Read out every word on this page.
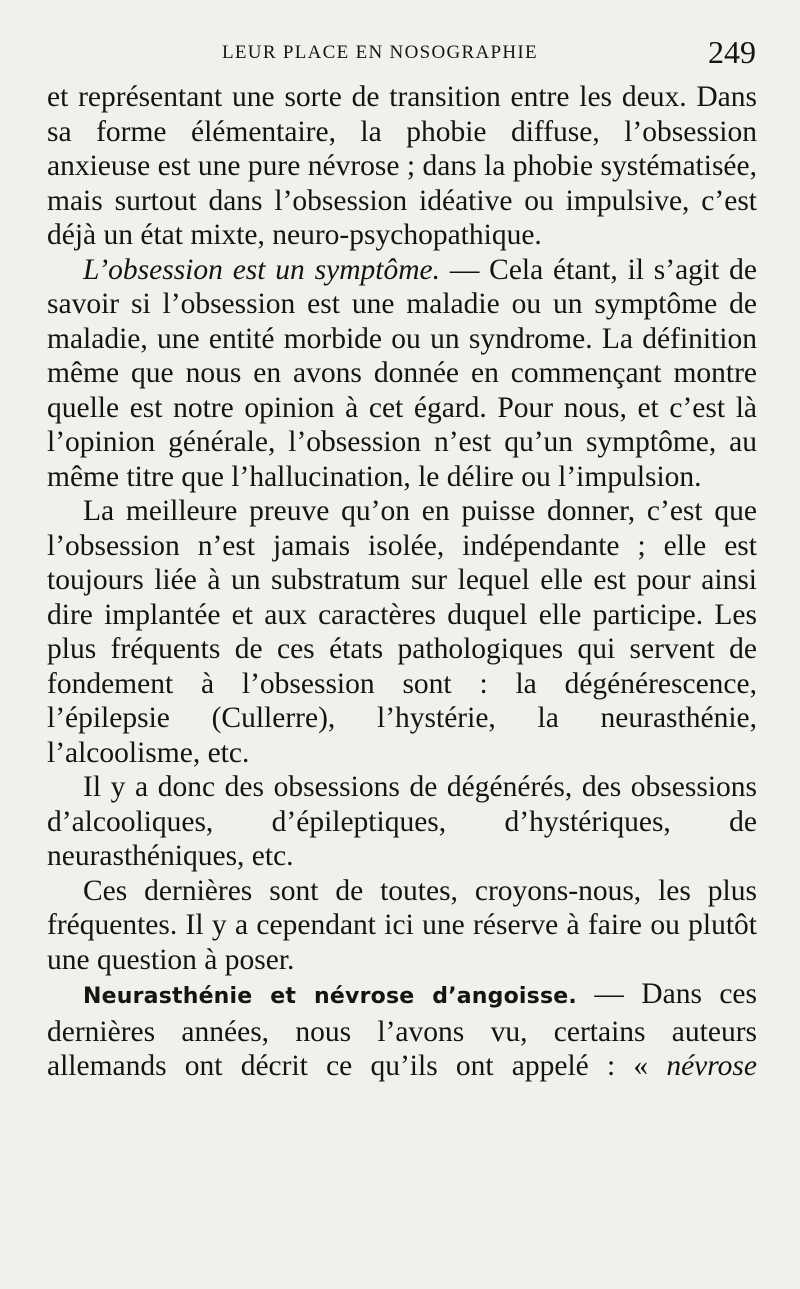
LEUR PLACE EN NOSOGRAPHIE	249

et représentant une sorte de transition entre les deux. Dans sa forme élémentaire, la phobie diffuse, l’obsession anxieuse est une pure névrose ; dans la phobie systématisée, mais surtout dans l’obsession idéative ou impulsive, c’est déjà un état mixte, neuro-psychopathique.

L’obsession est un symptôme. — Cela étant, il s’agit de savoir si l’obsession est une maladie ou un symptôme de maladie, une entité morbide ou un syndrome. La définition même que nous en avons donnée en commençant montre quelle est notre opinion à cet égard. Pour nous, et c’est là l’opinion générale, l’obsession n’est qu’un symptôme, au même titre que l’hallucination, le délire ou l’impulsion.

La meilleure preuve qu’on en puisse donner, c’est que l’obsession n’est jamais isolée, indépendante ; elle est toujours liée à un substratum sur lequel elle est pour ainsi dire implantée et aux caractères duquel elle participe. Les plus fréquents de ces états pathologiques qui servent de fondement à l’obsession sont : la dégénérescence, l’épilepsie (Cullerre), l’hystérie, la neurasthénie, l’alcoolisme, etc.

Il y a donc des obsessions de dégénérés, des obsessions d’alcooliques, d’épileptiques, d’hystériques, de neurasthéniques, etc.

Ces dernières sont de toutes, croyons-nous, les plus fréquentes. Il y a cependant ici une réserve à faire ou plutôt une question à poser.

Neurasthénie et névrose d’angoisse. — Dans ces dernières années, nous l’avons vu, certains auteurs allemands ont décrit ce qu’ils ont appelé : « névrose
